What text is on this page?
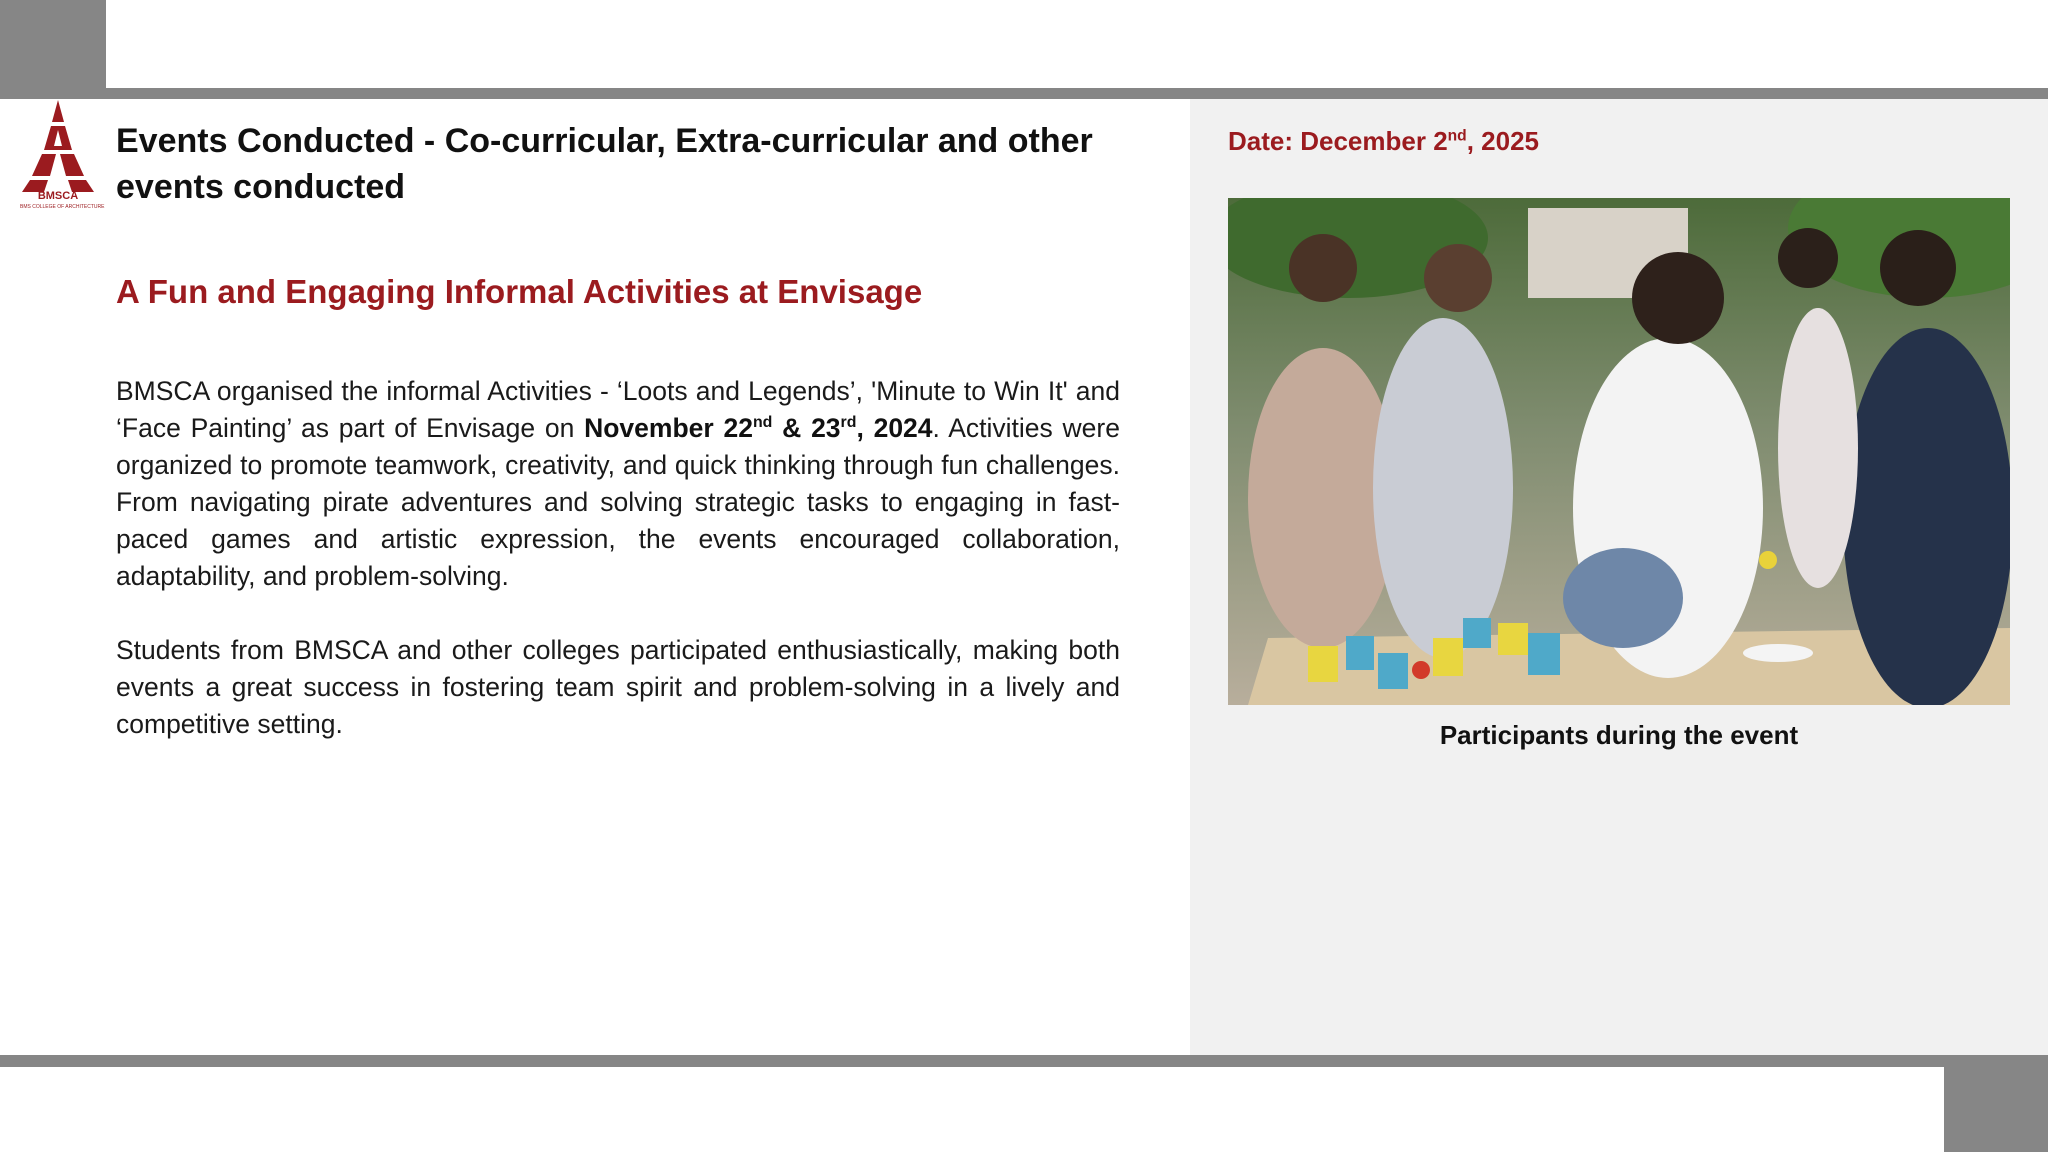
BMSCA
BMS COLLEGE OF ARCHITECTURE
Events Conducted - Co-curricular, Extra-curricular and other events conducted
A Fun and Engaging Informal Activities at Envisage
BMSCA organised the informal Activities - ‘Loots and Legends’, 'Minute to Win It' and ‘Face Painting’ as part of Envisage on November 22nd & 23rd, 2024. Activities were organized to promote teamwork, creativity, and quick thinking through fun challenges. From navigating pirate adventures and solving strategic tasks to engaging in fast-paced games and artistic expression, the events encouraged collaboration, adaptability, and problem-solving.
Students from BMSCA and other colleges participated enthusiastically, making both events a great success in fostering team spirit and problem-solving in a lively and competitive setting.
Date: December 2nd, 2025
Participants during the event
